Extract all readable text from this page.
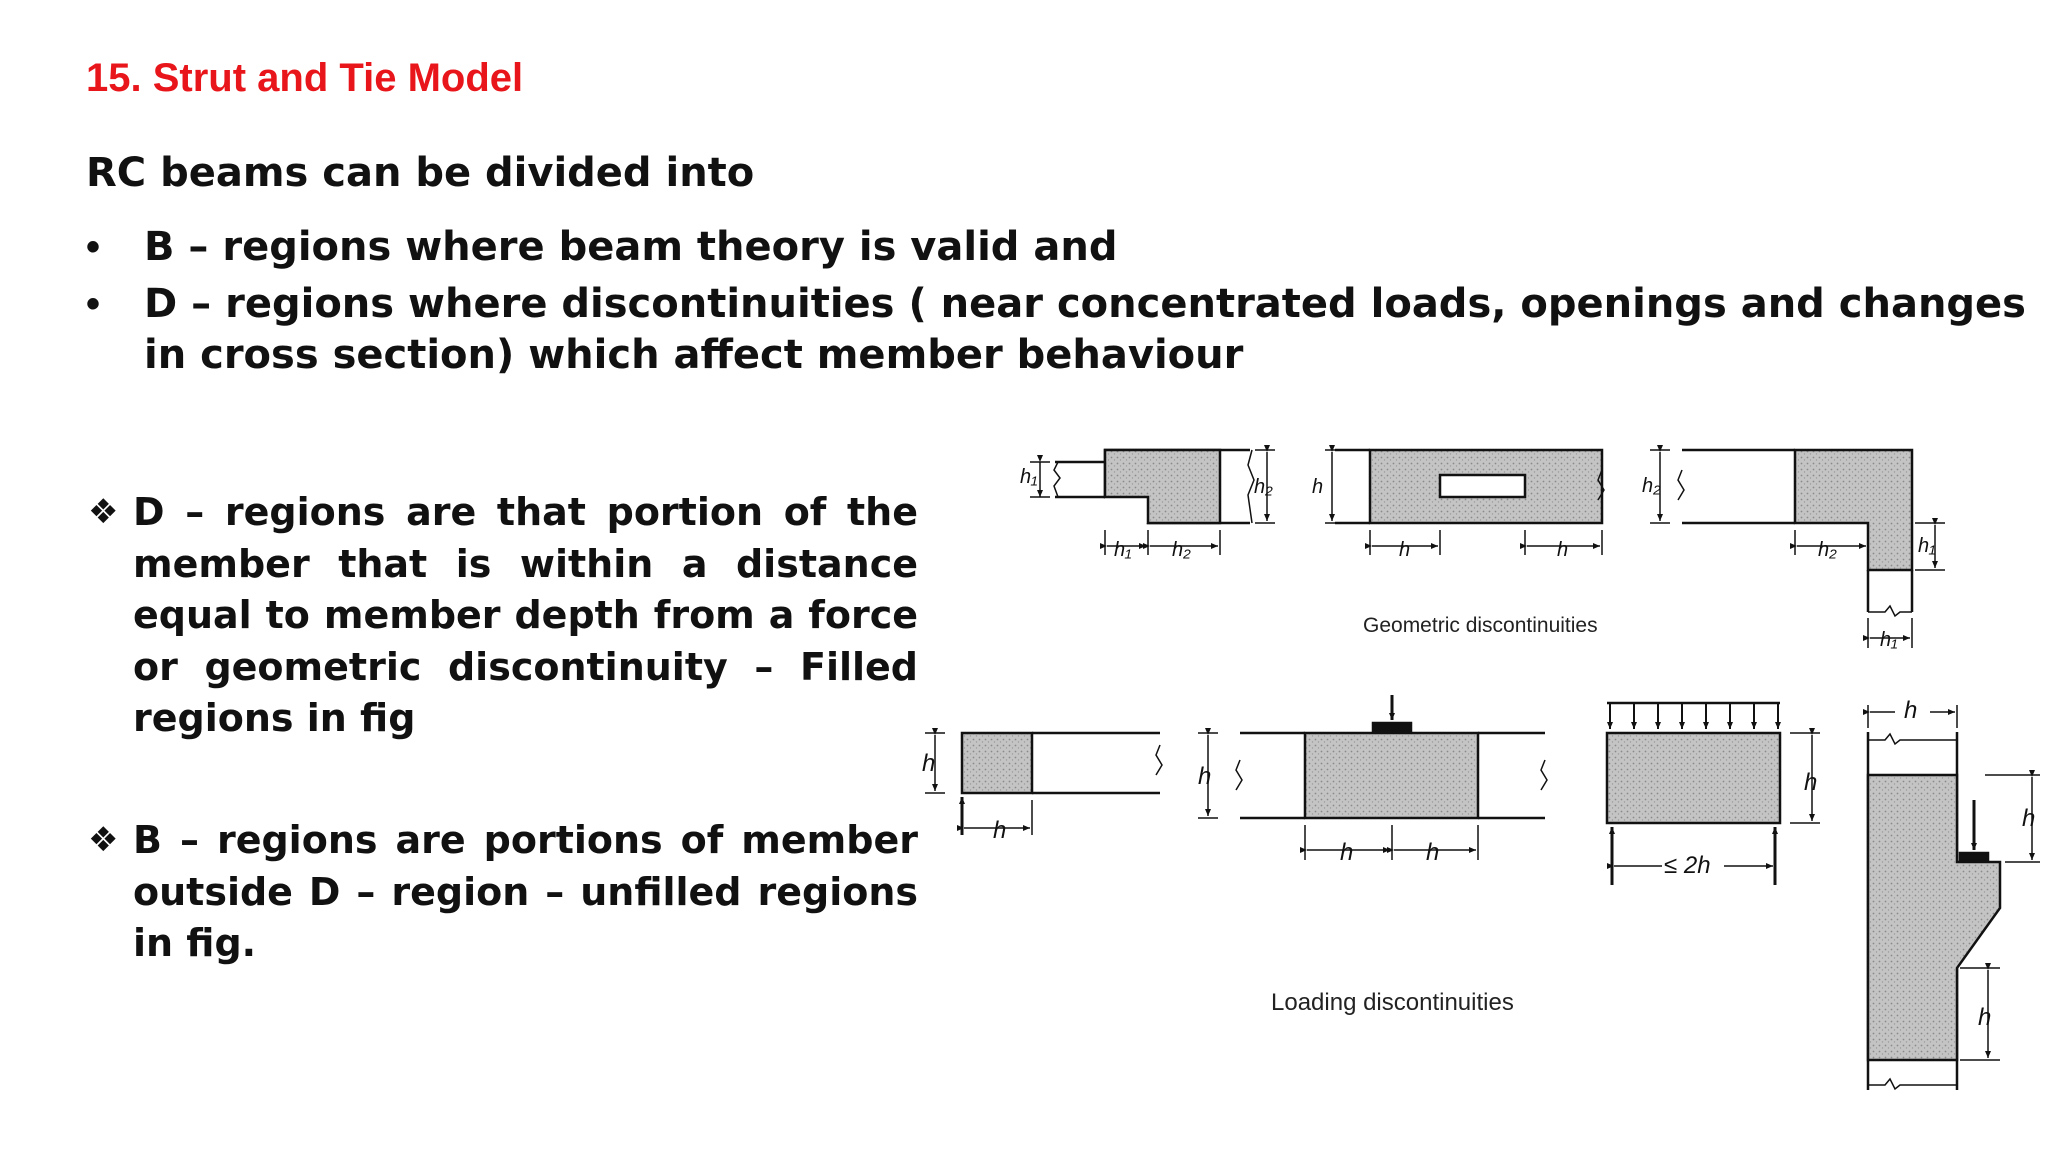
15. Strut and Tie Model
RC beams can be divided into
• B – regions where beam theory is valid and
• D – regions where discontinuities ( near concentrated loads, openings and changes in cross section) which affect member behaviour
❖ D – regions are that portion of the member that is within a distance equal to member depth from a force or geometric discontinuity – Filled regions in fig
❖ B – regions are portions of member outside D – region – unfilled regions in fig.
h₁	h₂
h₁ h₂
h
h	h
h₂
h₂	h₁
h₁
h
h
h
h	h	≤ 2h
h
h
h
h
Geometric discontinuities
Loading discontinuities
